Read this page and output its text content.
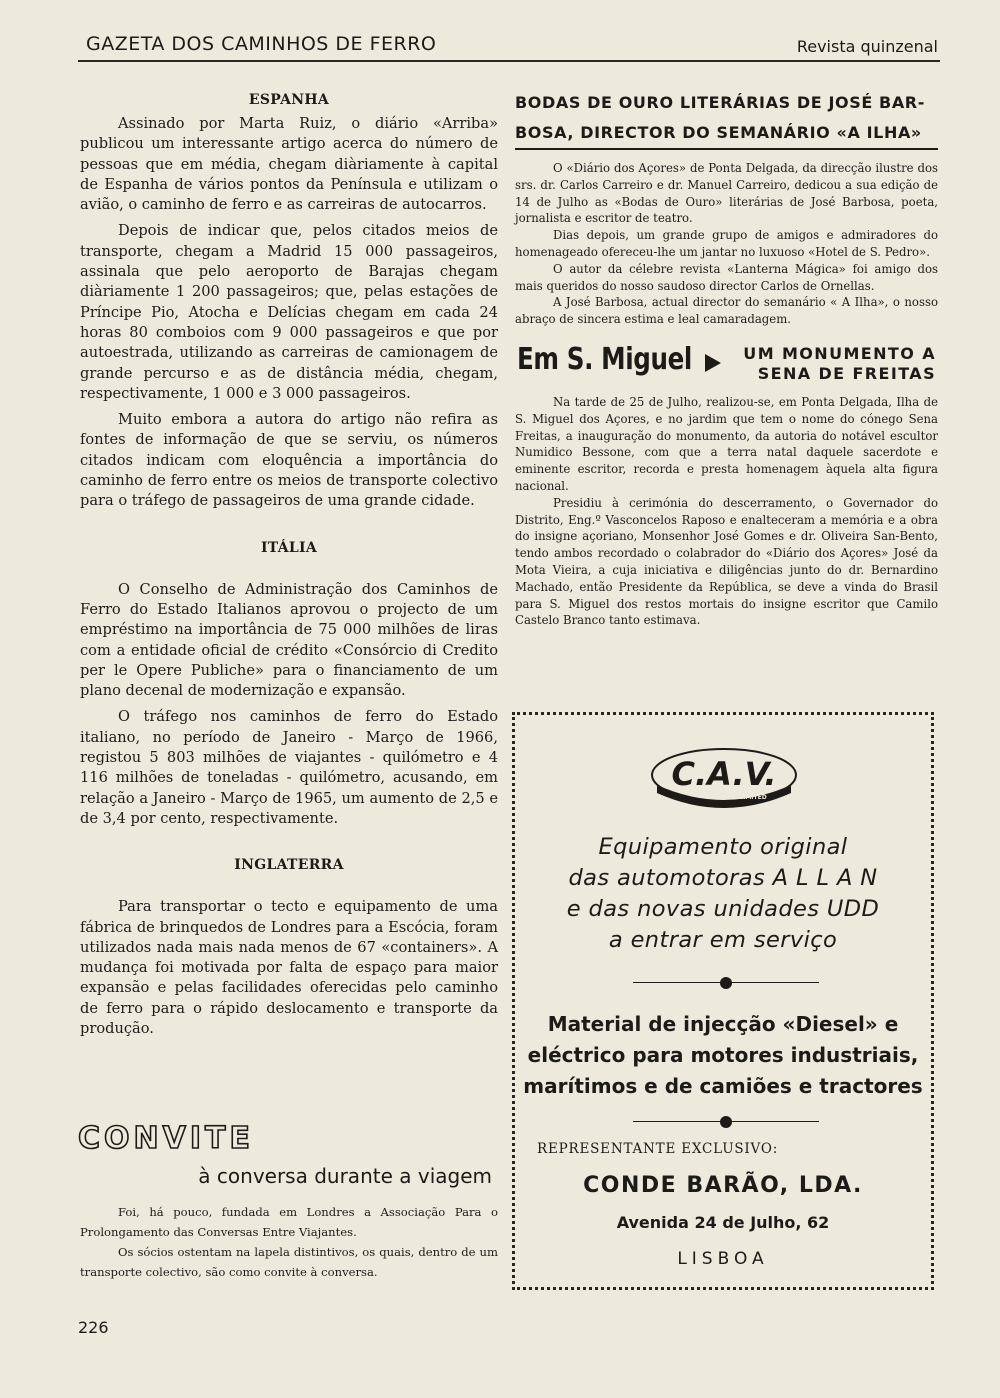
GAZETA DOS CAMINHOS DE FERRO	Revista quinzenal
ESPANHA

Assinado por Marta Ruiz, o diário «Arriba» publicou um interessante artigo acerca do número de pessoas que em média, chegam diàriamente à capital de Espanha de vários pontos da Península e utilizam o avião, o caminho de ferro e as carreiras de autocarros.

Depois de indicar que, pelos citados meios de transporte, chegam a Madrid 15 000 passageiros, assinala que pelo aeroporto de Barajas chegam diàriamente 1 200 passageiros; que, pelas estações de Príncipe Pio, Atocha e Delícias chegam em cada 24 horas 80 comboios com 9 000 passageiros e que por autoestrada, utilizando as carreiras de camionagem de grande percurso e as de distância média, chegam, respectivamente, 1 000 e 3 000 passageiros.

Muito embora a autora do artigo não refira as fontes de informação de que se serviu, os números citados indicam com eloquência a importância do caminho de ferro entre os meios de transporte colectivo para o tráfego de passageiros de uma grande cidade.

ITÁLIA

O Conselho de Administração dos Caminhos de Ferro do Estado Italianos aprovou o projecto de um empréstimo na importância de 75 000 milhões de liras com a entidade oficial de crédito «Consórcio di Credito per le Opere Publiche» para o financiamento de um plano decenal de modernização e expansão.

O tráfego nos caminhos de ferro do Estado italiano, no período de Janeiro - Março de 1966, registou 5 803 milhões de viajantes - quilómetro e 4 116 milhões de toneladas - quilómetro, acusando, em relação a Janeiro - Março de 1965, um aumento de 2,5 e de 3,4 por cento, respectivamente.

INGLATERRA

Para transportar o tecto e equipamento de uma fábrica de brinquedos de Londres para a Escócia, foram utilizados nada mais nada menos de 67 «containers». A mudança foi motivada por falta de espaço para maior expansão e pelas facilidades oferecidas pelo caminho de ferro para o rápido deslocamento e transporte da produção.

CONVITE
à conversa durante a viagem

Foi, há pouco, fundada em Londres a Associação Para o Prolongamento das Conversas Entre Viajantes.

Os sócios ostentam na lapela distintivos, os quais, dentro de um transporte colectivo, são como convite à conversa.

BODAS DE OURO LITERÁRIAS DE JOSÉ BAR-
BOSA, DIRECTOR DO SEMANÁRIO «A ILHA»

O «Diário dos Açores» de Ponta Delgada, da direcção ilustre dos srs. dr. Carlos Carreiro e dr. Manuel Carreiro, dedicou a sua edição de 14 de Julho as «Bodas de Ouro» literárias de José Barbosa, poeta, jornalista e escritor de teatro.

Dias depois, um grande grupo de amigos e admiradores do homenageado ofereceu-lhe um jantar no luxuoso «Hotel de S. Pedro».

O autor da célebre revista «Lanterna Mágica» foi amigo dos mais queridos do nosso saudoso director Carlos de Ornellas.

A José Barbosa, actual director do semanário « A Ilha», o nosso abraço de sincera estima e leal camaradagem.

Em S. Miguel	UM MONUMENTO A
SENA DE FREITAS

Na tarde de 25 de Julho, realizou-se, em Ponta Delgada, Ilha de S. Miguel dos Açores, e no jardim que tem o nome do cónego Sena Freitas, a inauguração do monumento, da autoria do notável escultor Numidico Bessone, com que a terra natal daquele sacerdote e eminente escritor, recorda e presta homenagem àquela alta figura nacional.

Presidiu à cerimónia do descerramento, o Governador do Distrito, Eng.º Vasconcelos Raposo e enalteceram a memória e a obra do insigne açoriano, Monsenhor José Gomes e dr. Oliveira San-Bento, tendo ambos recordado o colabrador do «Diário dos Açores» José da Mota Vieira, a cuja iniciativa e diligências junto do dr. Bernardino Machado, então Presidente da República, se deve a vinda do Brasil para S. Miguel dos restos mortais do insigne escritor que Camilo Castelo Branco tanto estimava.

C.A.V.
LIMITED
Equipamento original
das automotoras A L L A N
e das novas unidades UDD
a entrar em serviço
Material de injecção «Diesel» e
eléctrico para motores industriais,
marítimos e de camiões e tractores
REPRESENTANTE EXCLUSIVO:
CONDE BARÃO, LDA.
Avenida 24 de Julho, 62
LISBOA
226
